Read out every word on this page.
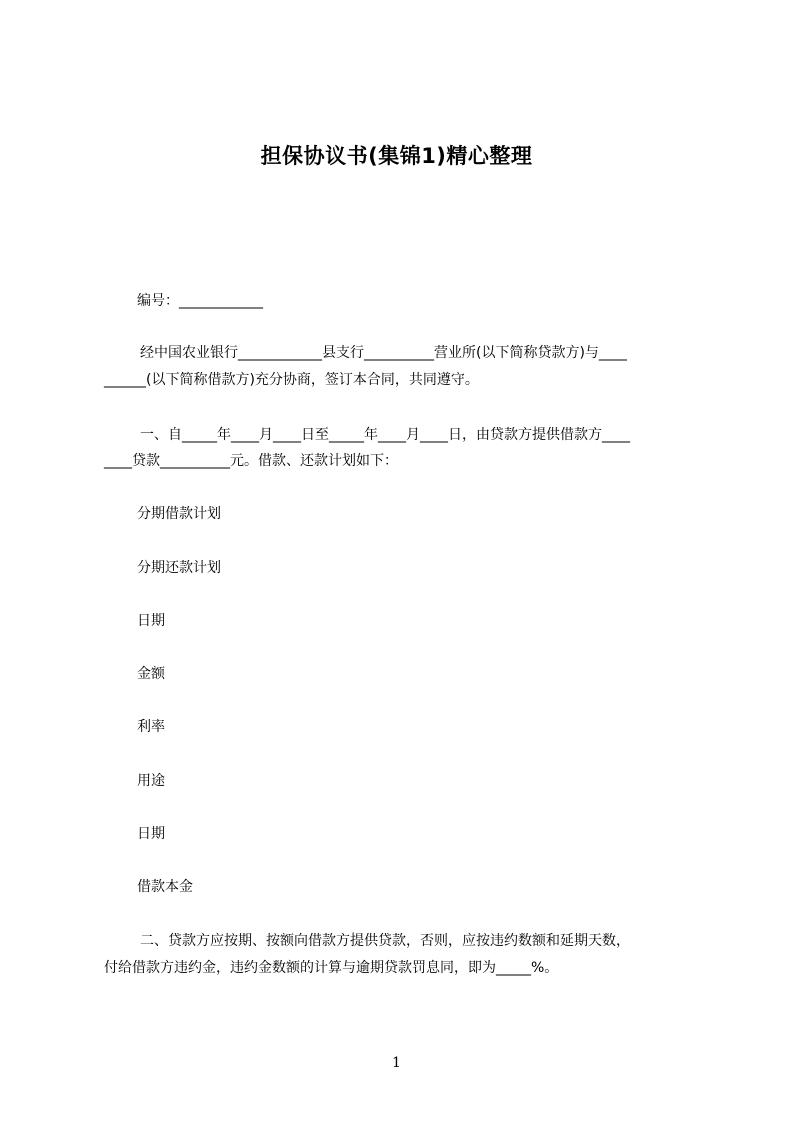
担保协议书(集锦1)精心整理
编号：____________
经中国农业银行____________县支行__________营业所(以下简称贷款方)与____
______(以下简称借款方)充分协商，签订本合同，共同遵守。
一、自_____年____月____日至_____年____月____日，由贷款方提供借款方____
____贷款__________元。借款、还款计划如下：
分期借款计划
分期还款计划
日期
金额
利率
用途
日期
借款本金
二、贷款方应按期、按额向借款方提供贷款，否则，应按违约数额和延期天数，
付给借款方违约金，违约金数额的计算与逾期贷款罚息同，即为_____%。
1
